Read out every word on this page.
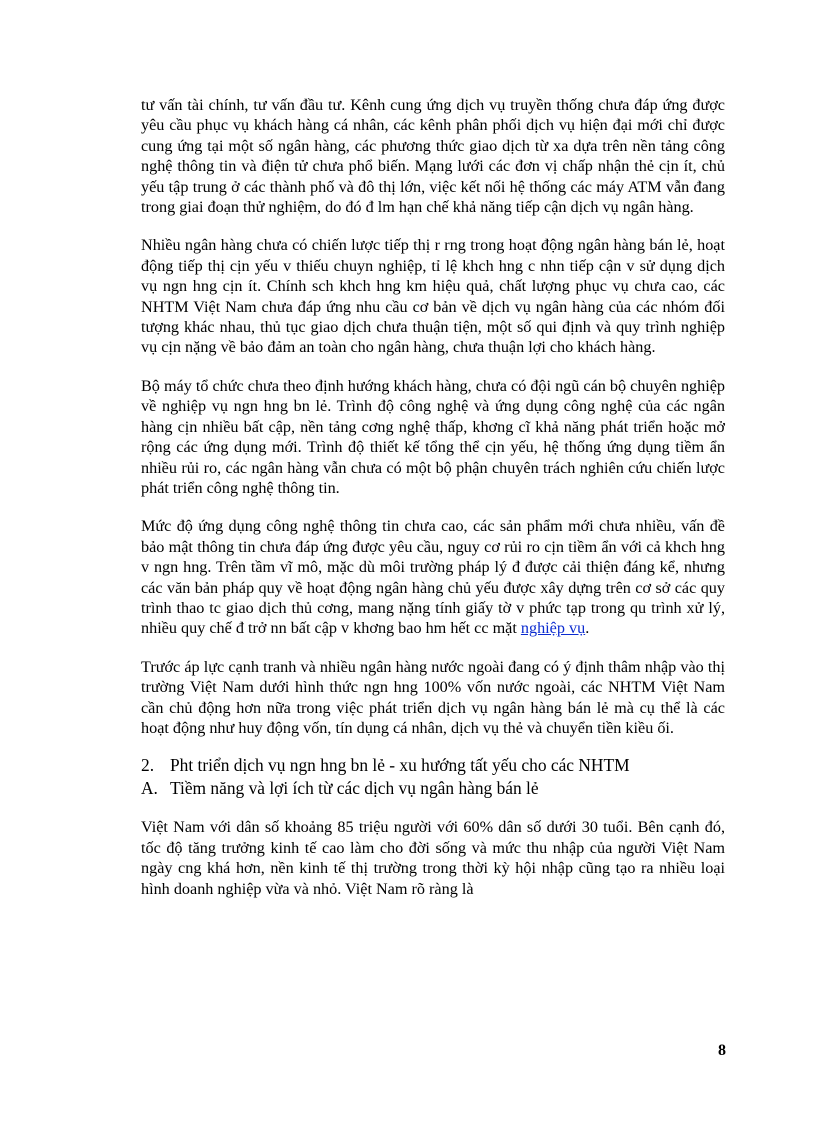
tư vấn tài chính, tư vấn đầu tư. Kênh cung ứng dịch vụ truyền thống chưa đáp ứng được yêu cầu phục vụ khách hàng cá nhân, các kênh phân phối dịch vụ hiện đại mới chỉ được cung ứng tại một số ngân hàng, các phương thức giao dịch từ xa dựa trên nền tảng công nghệ thông tin và điện tử chưa phổ biến. Mạng lưới các đơn vị chấp nhận thẻ cịn ít, chủ yếu tập trung ở các thành phố và đô thị lớn, việc kết nối hệ thống các máy ATM vẫn đang trong giai đoạn thử nghiệm, do đó đ lm hạn chế khả năng tiếp cận dịch vụ ngân hàng.

Nhiều ngân hàng chưa có chiến lược tiếp thị r rng trong hoạt động ngân hàng bán lẻ, hoạt động tiếp thị cịn yếu v thiếu chuyn nghiệp, tỉ lệ khch hng c nhn tiếp cận v sử dụng dịch vụ ngn hng cịn ít. Chính sch khch hng km hiệu quả, chất lượng phục vụ chưa cao, các NHTM Việt Nam chưa đáp ứng nhu cầu cơ bản về dịch vụ ngân hàng của các nhóm đối tượng khác nhau, thủ tục giao dịch chưa thuận tiện, một số qui định và quy trình nghiệp vụ cịn nặng về bảo đảm an toàn cho ngân hàng, chưa thuận lợi cho khách hàng.

Bộ máy tổ chức chưa theo định hướng khách hàng, chưa có đội ngũ cán bộ chuyên nghiệp về nghiệp vụ ngn hng bn lẻ. Trình độ công nghệ và ứng dụng công nghệ của các ngân hàng cịn nhiều bất cập, nền tảng cơng nghệ thấp, khơng cĩ khả năng phát triển hoặc mở rộng các ứng dụng mới. Trình độ thiết kế tổng thể cịn yếu, hệ thống ứng dụng tiềm ẩn nhiều rủi ro, các ngân hàng vẫn chưa có một bộ phận chuyên trách nghiên cứu chiến lược phát triển công nghệ thông tin.

Mức độ ứng dụng công nghệ thông tin chưa cao, các sản phẩm mới chưa nhiều, vấn đề bảo mật thông tin chưa đáp ứng được yêu cầu, nguy cơ rủi ro cịn tiềm ẩn với cả khch hng v ngn hng. Trên tầm vĩ mô, mặc dù môi trường pháp lý đ được cải thiện đáng kể, nhưng các văn bản pháp quy về hoạt động ngân hàng chủ yếu được xây dựng trên cơ sở các quy trình thao tc giao dịch thủ cơng, mang nặng tính giấy tờ v phức tạp trong qu trình xử lý, nhiều quy chế đ trở nn bất cập v khơng bao hm hết cc mặt nghiệp vụ.

Trước áp lực cạnh tranh và nhiều ngân hàng nước ngoài đang có ý định thâm nhập vào thị trường Việt Nam dưới hình thức ngn hng 100% vốn nước ngoài, các NHTM Việt Nam cần chủ động hơn nữa trong việc phát triển dịch vụ ngân hàng bán lẻ mà cụ thể là các hoạt động như huy động vốn, tín dụng cá nhân, dịch vụ thẻ và chuyển tiền kiều ối.

2. Pht triển dịch vụ ngn hng bn lẻ - xu hướng tất yếu cho các NHTM

A. Tiềm năng và lợi ích từ các dịch vụ ngân hàng bán lẻ

Việt Nam với dân số khoảng 85 triệu người với 60% dân số dưới 30 tuổi. Bên cạnh đó, tốc độ tăng trưởng kinh tế cao làm cho đời sống và mức thu nhập của người Việt Nam ngày cng khá hơn, nền kinh tế thị trường trong thời kỳ hội nhập cũng tạo ra nhiều loại hình doanh nghiệp vừa và nhỏ. Việt Nam rõ ràng là

8
